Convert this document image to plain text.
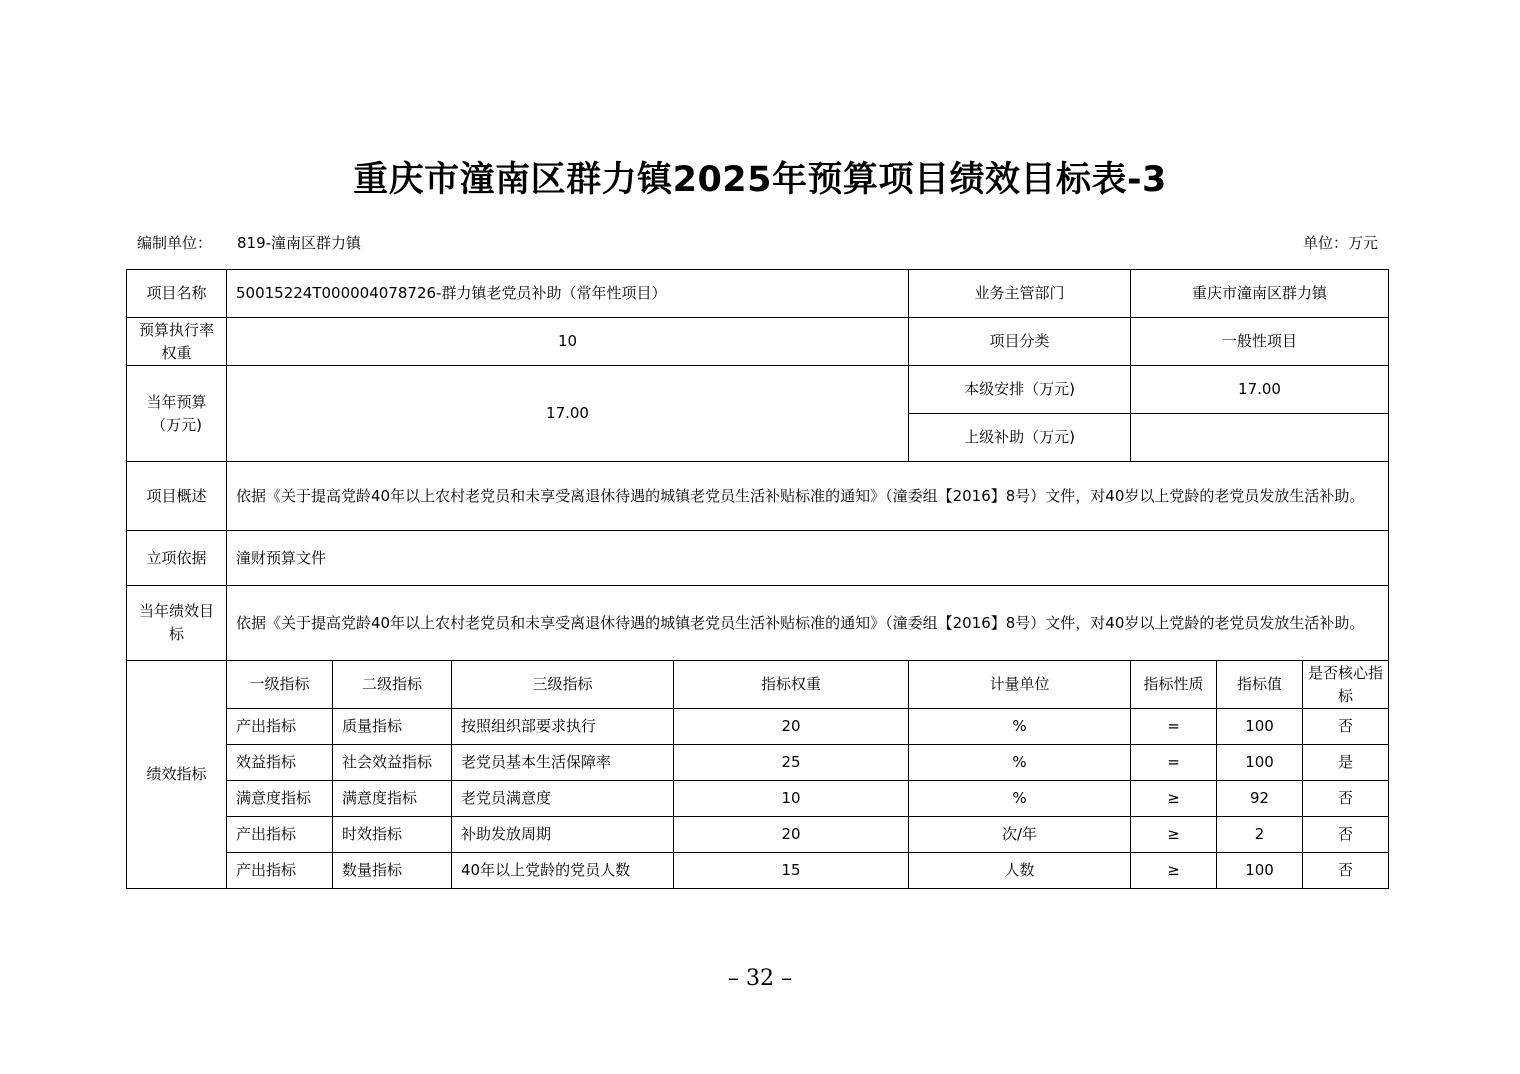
重庆市潼南区群力镇2025年预算项目绩效目标表-3
编制单位： 819-潼南区群力镇	单位：万元
项目名称	50015224T000004078726-群力镇老党员补助（常年性项目）				业务主管部门	重庆市潼南区群力镇		
预算执行率权重	10				项目分类	一般性项目		
当年预算（万元)	17.00				本级安排（万元)	17.00		
					上级补助（万元)			
项目概述	依据《关于提高党龄40年以上农村老党员和未享受离退休待遇的城镇老党员生活补贴标准的通知》（潼委组【2016】8号）文件，对40岁以上党龄的老党员发放生活补助。							
立项依据	潼财预算文件							
当年绩效目标	依据《关于提高党龄40年以上农村老党员和未享受离退休待遇的城镇老党员生活补贴标准的通知》（潼委组【2016】8号）文件，对40岁以上党龄的老党员发放生活补助。							
绩效指标	一级指标	二级指标	三级指标	指标权重	计量单位	指标性质	指标值	是否核心指标
	产出指标	质量指标	按照组织部要求执行	20	%	=	100	否
	效益指标	社会效益指标	老党员基本生活保障率	25	%	=	100	是
	满意度指标	满意度指标	老党员满意度	10	%	≥	92	否
	产出指标	时效指标	补助发放周期	20	次/年	≥	2	否
	产出指标	数量指标	40年以上党龄的党员人数	15	人数	≥	100	否
– 32 –
